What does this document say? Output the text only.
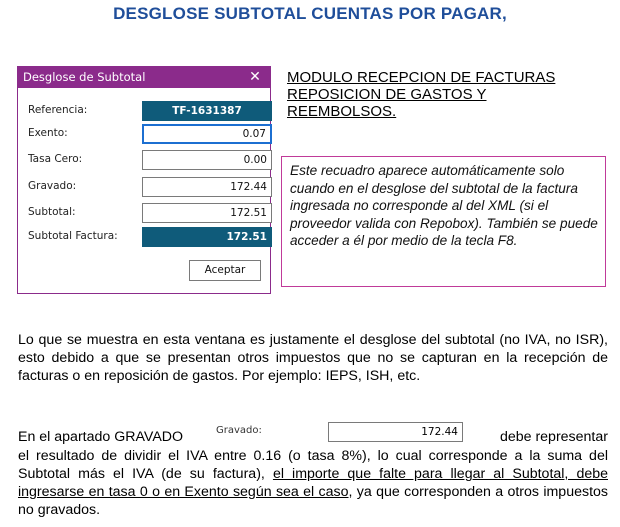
DESGLOSE SUBTOTAL CUENTAS POR PAGAR,
Desglose de Subtotal	✕
Referencia:	TF-1631387
Exento:	0.07
Tasa Cero:	0.00
Gravado:	172.44
Subtotal:	172.51
Subtotal Factura:	172.51
Aceptar
MODULO RECEPCION DE FACTURAS
REPOSICION DE GASTOS Y
REEMBOLSOS.
Este recuadro aparece automáticamente solo cuando en el desglose del subtotal de la factura ingresada no corresponde al del XML (si el proveedor valida con Repobox). También se puede acceder a él por medio de la tecla F8.
Lo que se muestra en esta ventana es justamente el desglose del subtotal (no IVA, no ISR), esto debido a que se presentan otros impuestos que no se capturan en la recepción de facturas o en reposición de gastos. Por ejemplo: IEPS, ISH, etc.
En el apartado GRAVADO	Gravado:	172.44	debe representar
el resultado de dividir el IVA entre 0.16 (o tasa 8%), lo cual corresponde a la suma del Subtotal más el IVA (de su factura), el importe que falte para llegar al Subtotal, debe ingresarse en tasa 0 o en Exento según sea el caso, ya que corresponden a otros impuestos no gravados.
